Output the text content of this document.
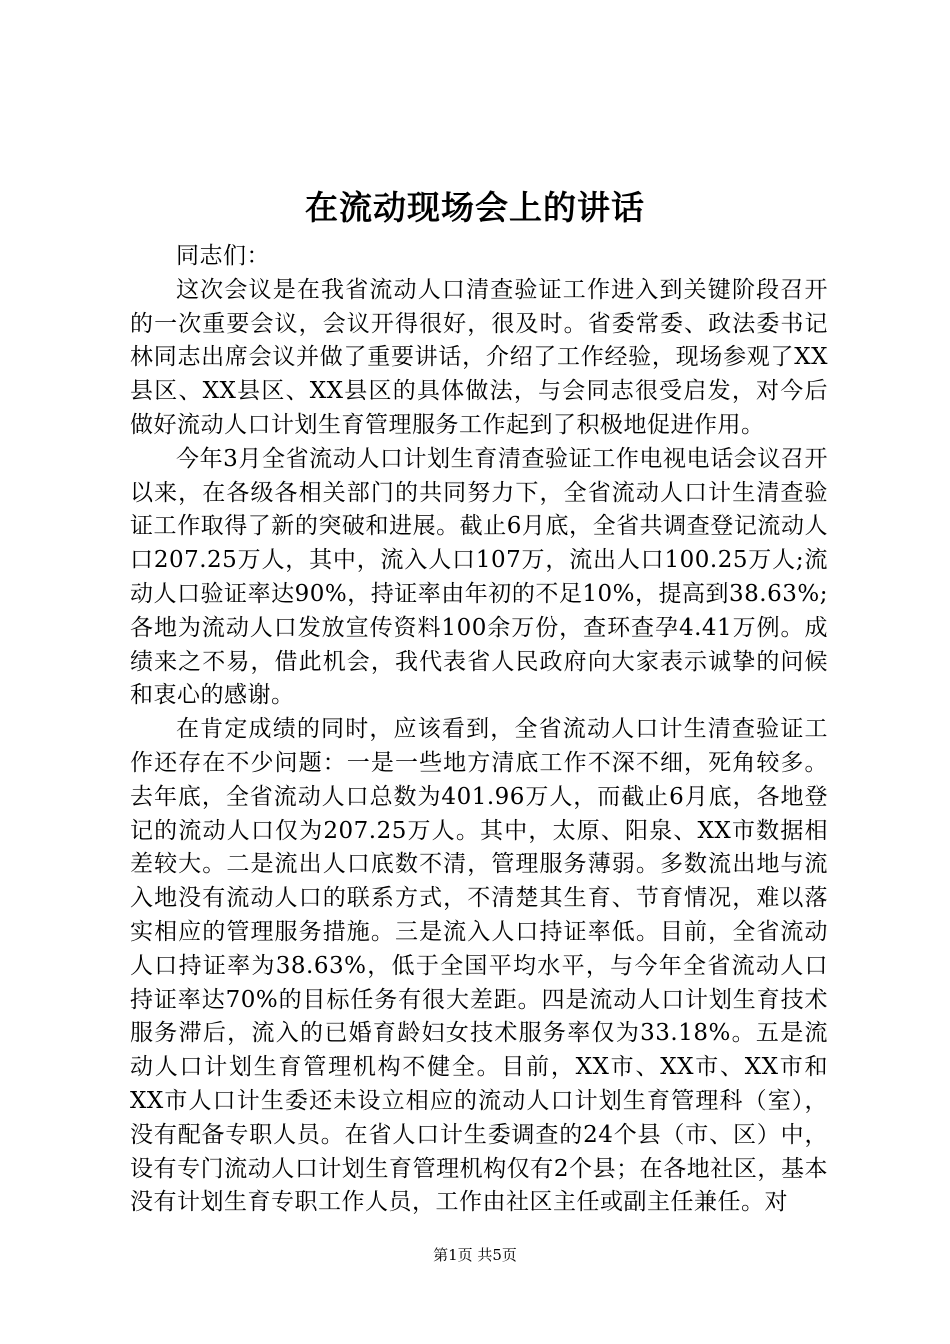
在流动现场会上的讲话

同志们：

这次会议是在我省流动人口清查验证工作进入到关键阶段召开的一次重要会议，会议开得很好，很及时。省委常委、政法委书记林同志出席会议并做了重要讲话，介绍了工作经验，现场参观了XX县区、XX县区、XX县区的具体做法，与会同志很受启发，对今后做好流动人口计划生育管理服务工作起到了积极地促进作用。

今年3月全省流动人口计划生育清查验证工作电视电话会议召开以来，在各级各相关部门的共同努力下，全省流动人口计生清查验证工作取得了新的突破和进展。截止6月底，全省共调查登记流动人口207.25万人，其中，流入人口107万，流出人口100.25万人;流动人口验证率达90%，持证率由年初的不足10%，提高到38.63%;各地为流动人口发放宣传资料100余万份，查环查孕4.41万例。成绩来之不易，借此机会，我代表省人民政府向大家表示诚挚的问候和衷心的感谢。

在肯定成绩的同时，应该看到，全省流动人口计生清查验证工作还存在不少问题：一是一些地方清底工作不深不细，死角较多。去年底，全省流动人口总数为401.96万人，而截止6月底，各地登记的流动人口仅为207.25万人。其中，太原、阳泉、XX市数据相差较大。二是流出人口底数不清，管理服务薄弱。多数流出地与流入地没有流动人口的联系方式，不清楚其生育、节育情况，难以落实相应的管理服务措施。三是流入人口持证率低。目前，全省流动人口持证率为38.63%，低于全国平均水平，与今年全省流动人口持证率达70%的目标任务有很大差距。四是流动人口计划生育技术服务滞后，流入的已婚育龄妇女技术服务率仅为33.18%。五是流动人口计划生育管理机构不健全。目前，XX市、XX市、XX市和XX市人口计生委还未设立相应的流动人口计划生育管理科（室），没有配备专职人员。在省人口计生委调查的24个县（市、区）中，设有专门流动人口计划生育管理机构仅有2个县；在各地社区，基本没有计划生育专职工作人员，工作由社区主任或副主任兼任。对

第1页 共5页
